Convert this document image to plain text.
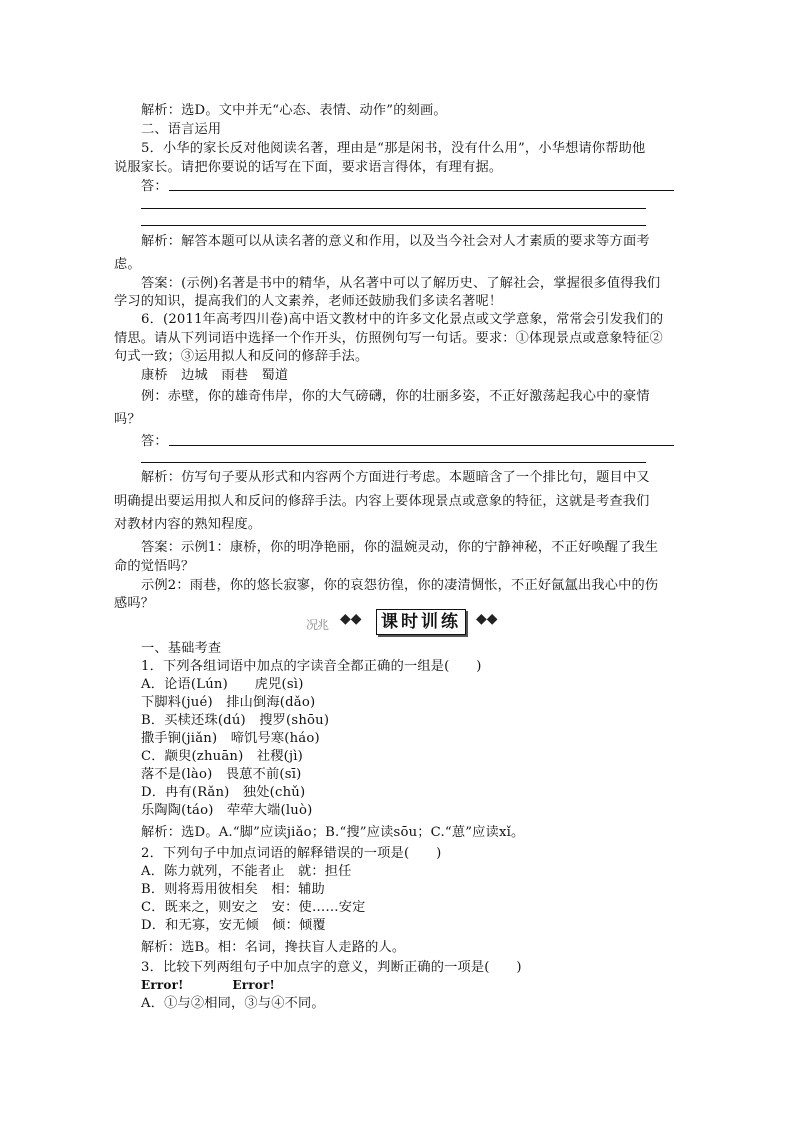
解析：选D。文中并无“心态、表情、动作”的刻画。
二、语言运用
5．小华的家长反对他阅读名著，理由是“那是闲书，没有什么用”，小华想请你帮助他
说服家长。请把你要说的话写在下面，要求语言得体，有理有据。
答：
解析：解答本题可以从读名著的意义和作用，以及当今社会对人才素质的要求等方面考
虑。
答案：(示例)名著是书中的精华，从名著中可以了解历史、了解社会，掌握很多值得我们
学习的知识，提高我们的人文素养，老师还鼓励我们多读名著呢！
6．(2011年高考四川卷)高中语文教材中的许多文化景点或文学意象，常常会引发我们的
情思。请从下列词语中选择一个作开头，仿照例句写一句话。要求：①体现景点或意象特征②
句式一致；③运用拟人和反问的修辞手法。
康桥　边城　雨巷　蜀道
例：赤壁，你的雄奇伟岸，你的大气磅礴，你的壮丽多姿，不正好激荡起我心中的豪情
吗？
答：
解析：仿写句子要从形式和内容两个方面进行考虑。本题暗含了一个排比句，题目中又
明确提出要运用拟人和反问的修辞手法。内容上要体现景点或意象的特征，这就是考查我们
对教材内容的熟知程度。
答案：示例1：康桥，你的明净艳丽，你的温婉灵动，你的宁静神秘，不正好唤醒了我生
命的觉悟吗？
示例2：雨巷，你的悠长寂寥，你的哀怨彷徨，你的凄清惆怅，不正好氤氲出我心中的伤
感吗？
况兆 ◆◆ 课时训练	◆◆
一、基础考查
1．下列各组词语中加点的字读音全都正确的一组是(　　)
A．论语(Lún)　　虎兕(sì)
下脚料(jué)　排山倒海(dǎo)
B．买椟还珠(dú)　搜罗(shōu)
撒手锏(jiǎn)　啼饥号寒(háo)
C．颛臾(zhuān)　社稷(jì)
落不是(lào)　畏葸不前(sī)
D．冉有(Rǎn)　独处(chǔ)
乐陶陶(táo)　荦荦大端(luò)
解析：选D。A.“脚”应读jiǎo；B.“搜”应读sōu；C.“葸”应读xǐ。
2．下列句子中加点词语的解释错误的一项是(　　)
A．陈力就列，不能者止　就：担任
B．则将焉用彼相矣　相：辅助
C．既来之，则安之　安：使……安定
D．和无寡，安无倾　倾：倾覆
解析：选B。相：名词，搀扶盲人走路的人。
3．比较下列两组句子中加点字的意义，判断正确的一项是(　　)
Error!　　　　Error!
A．①与②相同，③与④不同。
